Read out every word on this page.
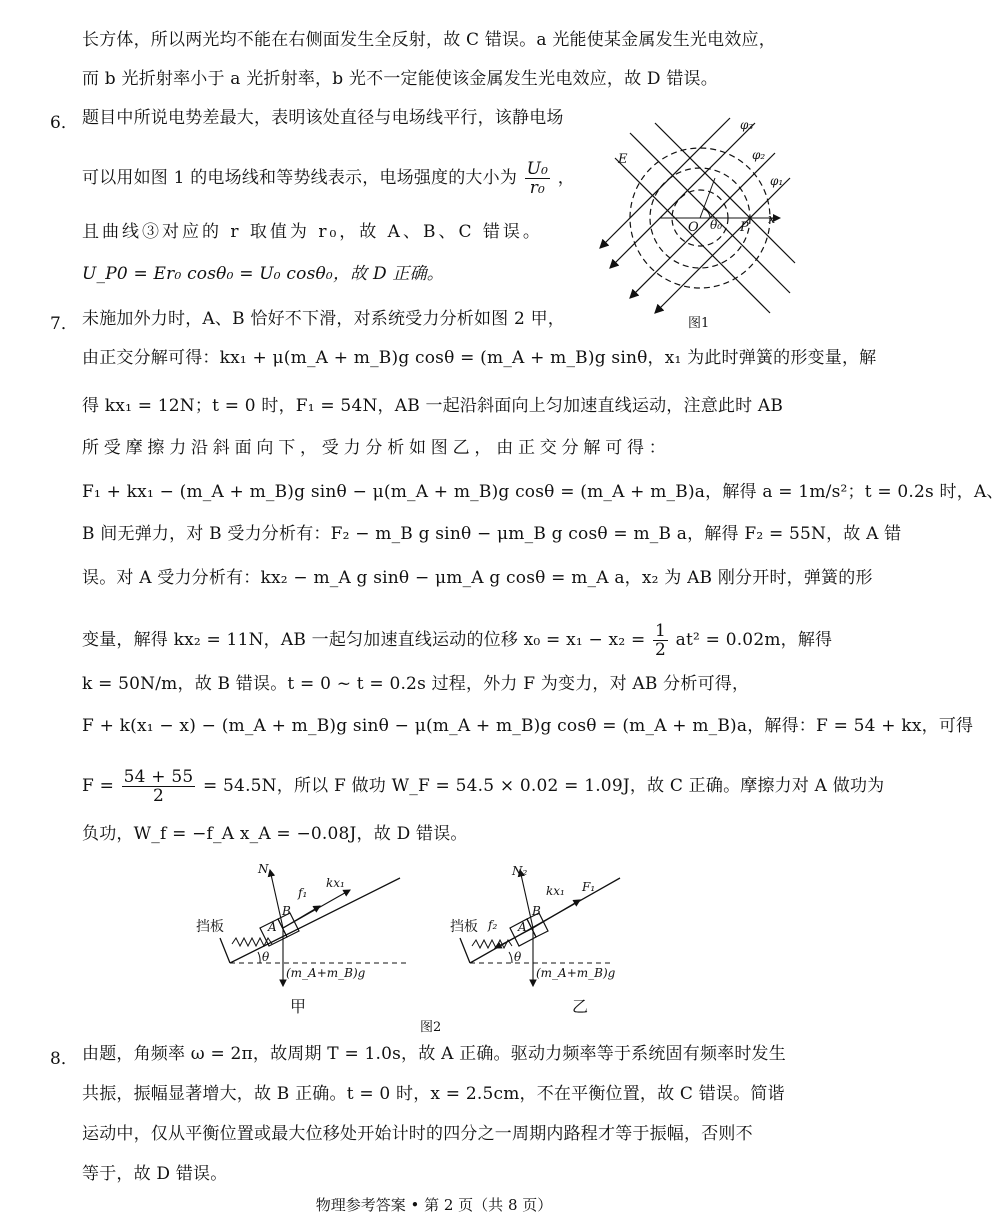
长方体，所以两光均不能在右侧面发生全反射，故 C 错误。a 光能使某金属发生光电效应，
而 b 光折射率小于 a 光折射率，b 光不一定能使该金属发生光电效应，故 D 错误。
6． 题目中所说电势差最大，表明该处直径与电场线平行，该静电场
可以用如图 1 的电场线和等势线表示，电场强度的大小为 $\frac{\text{U₀}}{\text{r₀}}$ ，
且曲线③对应的 r 取值为 r₀，故 A、B、C 错误。
U_P0 = Er₀ cosθ₀ = U₀ cosθ₀，故 D 正确。
φ₃
φ₂
φ₁
E
O	P
θ₀	x
图1
7． 未施加外力时，A、B 恰好不下滑，对系统受力分析如图 2 甲，
由正交分解可得：kx₁ + μ(m_A + m_B)g cosθ = (m_A + m_B)g sinθ，x₁ 为此时弹簧的形变量，解
得 kx₁ = 12N；t = 0 时，F₁ = 54N，AB 一起沿斜面向上匀加速直线运动，注意此时 AB
所受摩擦力沿斜面向下，受力分析如图乙，由正交分解可得：
F₁ + kx₁ − (m_A + m_B)g sinθ − μ(m_A + m_B)g cosθ = (m_A + m_B)a，解得 a = 1m/s²；t = 0.2s 时，A、
B 间无弹力，对 B 受力分析有：F₂ − m_B g sinθ − μm_B g cosθ = m_B a，解得 F₂ = 55N，故 A 错
误。对 A 受力分析有：kx₂ − m_A g sinθ − μm_A g cosθ = m_A a，x₂ 为 AB 刚分开时，弹簧的形
变量，解得 kx₂ = 11N，AB 一起匀加速直线运动的位移 $x_0 = x_1 - x_2 = \frac{1}{2} at^2 = 0.02m$，解得
k = 50N/m，故 B 错误。t = 0 ~ t = 0.2s 过程，外力 F 为变力，对 AB 分析可得，
F + k(x₁ − x) − (m_A + m_B)g sinθ − μ(m_A + m_B)g cosθ = (m_A + m_B)a，解得：F = 54 + kx，可得
$F = \frac{54 + 55}{2} = 54.5N$，所以 F 做功 W_F = 54.5 × 0.02 = 1.09J，故 C 正确。摩擦力对 A 做功为
负功，W_f = −f_A x_A = −0.08J，故 D 错误。
N
f₁
kx₁
B
A
挡板
θ
(m_A+m_B)g
甲
N₂
kx₁ F₁
B
A
f₂
挡板
θ
(m_A+m_B)g
乙
图2
8． 由题，角频率 ω = 2π，故周期 T = 1.0s，故 A 正确。驱动力频率等于系统固有频率时发生
共振，振幅显著增大，故 B 正确。t = 0 时，x = 2.5cm，不在平衡位置，故 C 错误。简谐
运动中，仅从平衡位置或最大位移处开始计时的四分之一周期内路程才等于振幅，否则不
等于，故 D 错误。
物理参考答案 • 第 2 页（共 8 页）
